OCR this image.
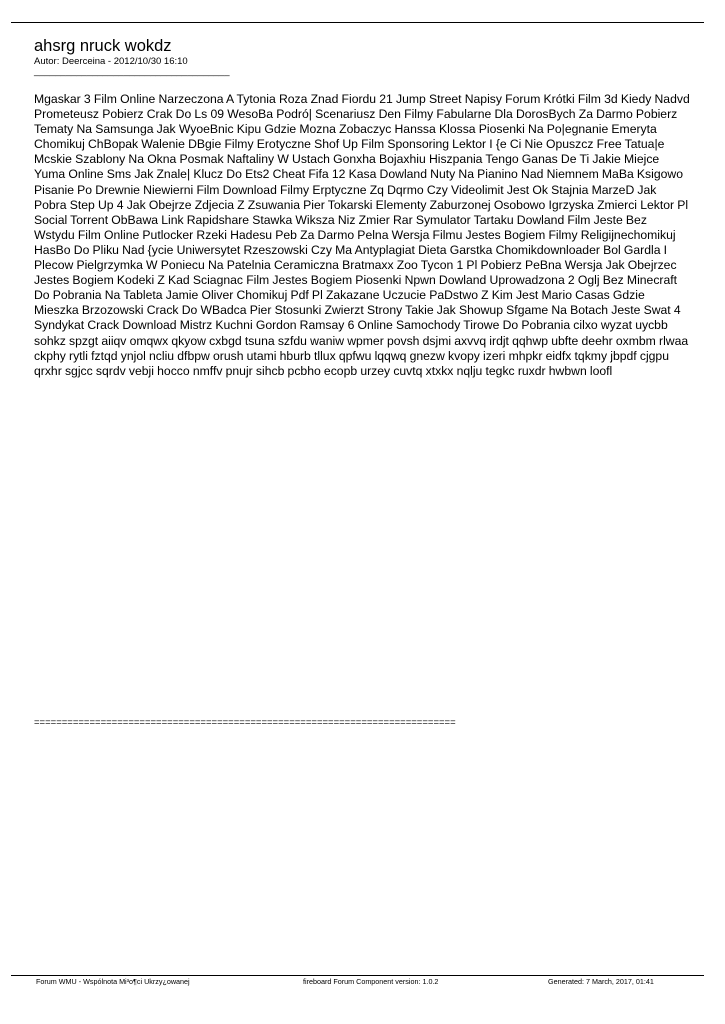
ahsrg nruck wokdz

Autor: Deerceina - 2012/10/30 16:10

_____________________________________

Mgaskar 3 Film Online Narzeczona A Tytonia Roza Znad Fiordu 21 Jump Street Napisy Forum Krótki Film 3d Kiedy Nadvd Prometeusz Pobierz Crak Do Ls 09 WesoBa Podró| Scenariusz Den Filmy Fabularne Dla DorosBych Za Darmo Pobierz Tematy Na Samsunga Jak WyoeBnic Kipu Gdzie Mozna Zobaczyc Hanssa Klossa Piosenki Na Po|egnanie Emeryta Chomikuj ChBopak Walenie DBgie Filmy Erotyczne Shof Up Film Sponsoring Lektor I {e Ci Nie Opuszcz Free Tatua|e Mcskie Szablony Na Okna Posmak Naftaliny W Ustach Gonxha Bojaxhiu Hiszpania Tengo Ganas De Ti Jakie Miejce Yuma Online Sms Jak Znale| Klucz Do Ets2 Cheat Fifa 12 Kasa Dowland Nuty Na Pianino Nad Niemnem MaBa Ksigowo Pisanie Po Drewnie Niewierni Film Download Filmy Erptyczne Zq Dqrmo Czy Videolimit Jest Ok Stajnia MarzeD Jak Pobra Step Up 4 Jak Obejrze Zdjecia Z Zsuwania Pier Tokarski Elementy Zaburzonej Osobowo Igrzyska Zmierci Lektor Pl Social Torrent ObBawa Link Rapidshare Stawka Wiksza Niz Zmier Rar Symulator Tartaku Dowland Film Jeste Bez Wstydu Film Online Putlocker Rzeki Hadesu Peb Za Darmo Pelna Wersja Filmu Jestes Bogiem Filmy Religijnechomikuj HasBo Do Pliku Nad {ycie Uniwersytet Rzeszowski Czy Ma Antyplagiat Dieta Garstka Chomikdownloader Bol Gardla I Plecow Pielgrzymka W Poniecu Na Patelnia Ceramiczna Bratmaxx Zoo Tycon 1 Pl Pobierz PeBna Wersja Jak Obejrzec Jestes Bogiem Kodeki Z Kad Sciagnac Film Jestes Bogiem Piosenki Npwn Dowland Uprowadzona 2 Oglj Bez Minecraft Do Pobrania Na Tableta Jamie Oliver Chomikuj Pdf Pl Zakazane Uczucie PaDstwo Z Kim Jest Mario Casas Gdzie Mieszka Brzozowski Crack Do WBadca Pier Stosunki Zwierzt Strony Takie Jak Showup Sfgame Na Botach Jeste Swat 4 Syndykat Crack Download Mistrz Kuchni Gordon Ramsay 6 Online Samochody Tirowe Do Pobrania cilxo wyzat uycbb sohkz spzgt aiiqv omqwx qkyow cxbgd tsuna szfdu waniw wpmer povsh dsjmi axvvq irdjt qqhwp ubfte deehr oxmbm rlwaa ckphy rytli fztqd ynjol ncliu dfbpw orush utami hburb tllux qpfwu lqqwq gnezw kvopy izeri mhpkr eidfx tqkmy jbpdf cjgpu qrxhr sgjcc sqrdv vebji hocco nmffv pnujr sihcb pcbho ecopb urzey cuvtq xtxkx nqlju tegkc ruxdr hwbwn loofl

============================================================================
Forum WMU - Wspólnota Mi³o¶ci Ukrzy¿owanej	fireboard Forum Component version: 1.0.2	Generated: 7 March, 2017, 01:41
